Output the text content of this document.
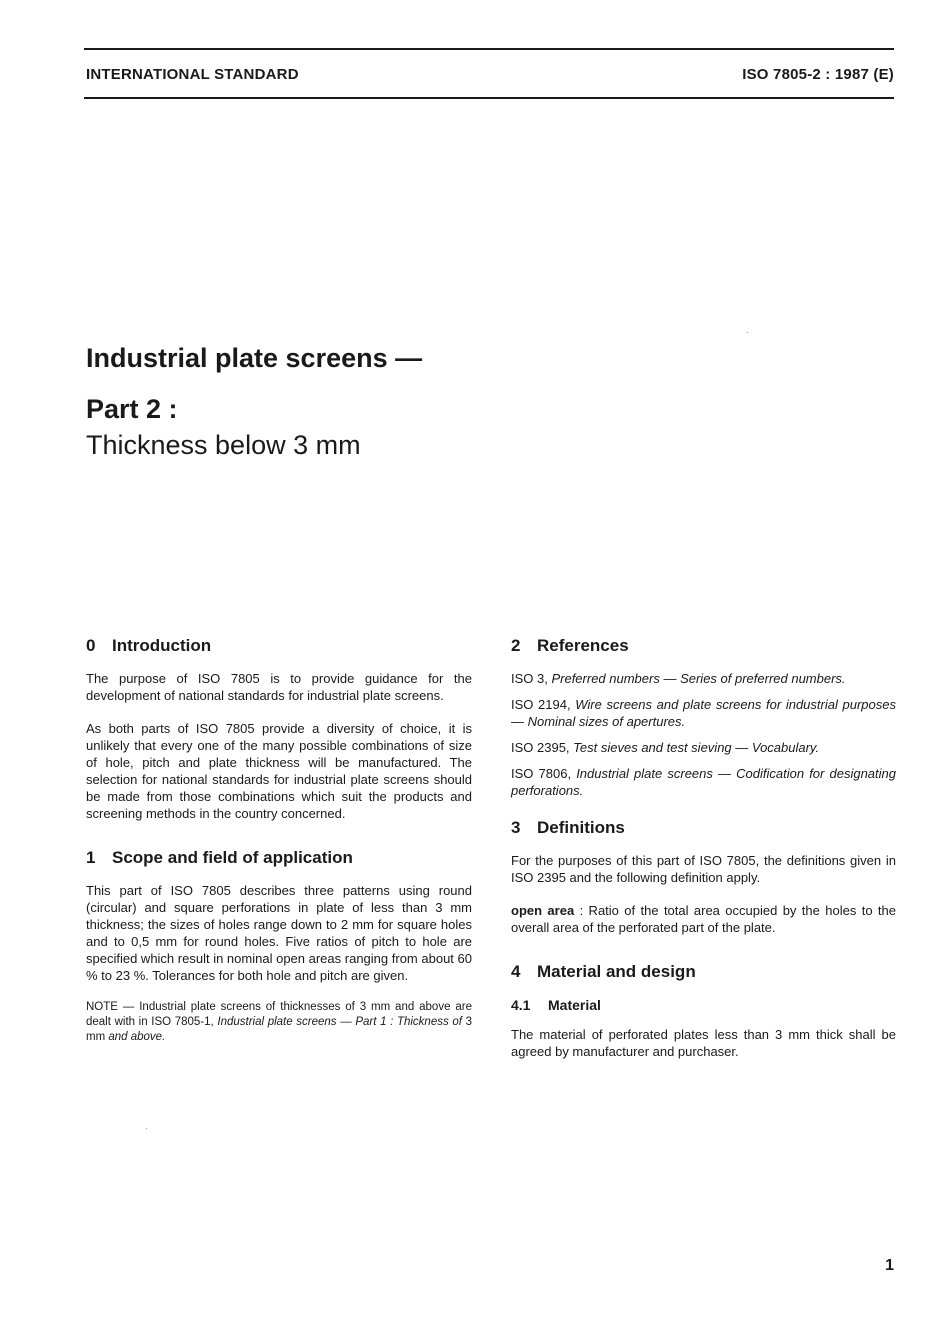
INTERNATIONAL STANDARD	ISO 7805-2 : 1987 (E)

Industrial plate screens —

Part 2 :

Thickness below 3 mm

0 Introduction

The purpose of ISO 7805 is to provide guidance for the development of national standards for industrial plate screens.

As both parts of ISO 7805 provide a diversity of choice, it is unlikely that every one of the many possible combinations of size of hole, pitch and plate thickness will be manufactured. The selection for national standards for industrial plate screens should be made from those combinations which suit the products and screening methods in the country concerned.

1 Scope and field of application

This part of ISO 7805 describes three patterns using round (circular) and square perforations in plate of less than 3 mm thickness; the sizes of holes range down to 2 mm for square holes and to 0,5 mm for round holes. Five ratios of pitch to hole are specified which result in nominal open areas ranging from about 60 % to 23 %. Tolerances for both hole and pitch are given.

NOTE — Industrial plate screens of thicknesses of 3 mm and above are dealt with in ISO 7805-1, Industrial plate screens — Part 1 : Thickness of 3 mm and above.

2 References

ISO 3, Preferred numbers — Series of preferred numbers.

ISO 2194, Wire screens and plate screens for industrial purposes — Nominal sizes of apertures.

ISO 2395, Test sieves and test sieving — Vocabulary.

ISO 7806, Industrial plate screens — Codification for designating perforations.

3 Definitions

For the purposes of this part of ISO 7805, the definitions given in ISO 2395 and the following definition apply.

open area : Ratio of the total area occupied by the holes to the overall area of the perforated part of the plate.

4 Material and design
4.1	Material

The material of perforated plates less than 3 mm thick shall be agreed by manufacturer and purchaser.

1
